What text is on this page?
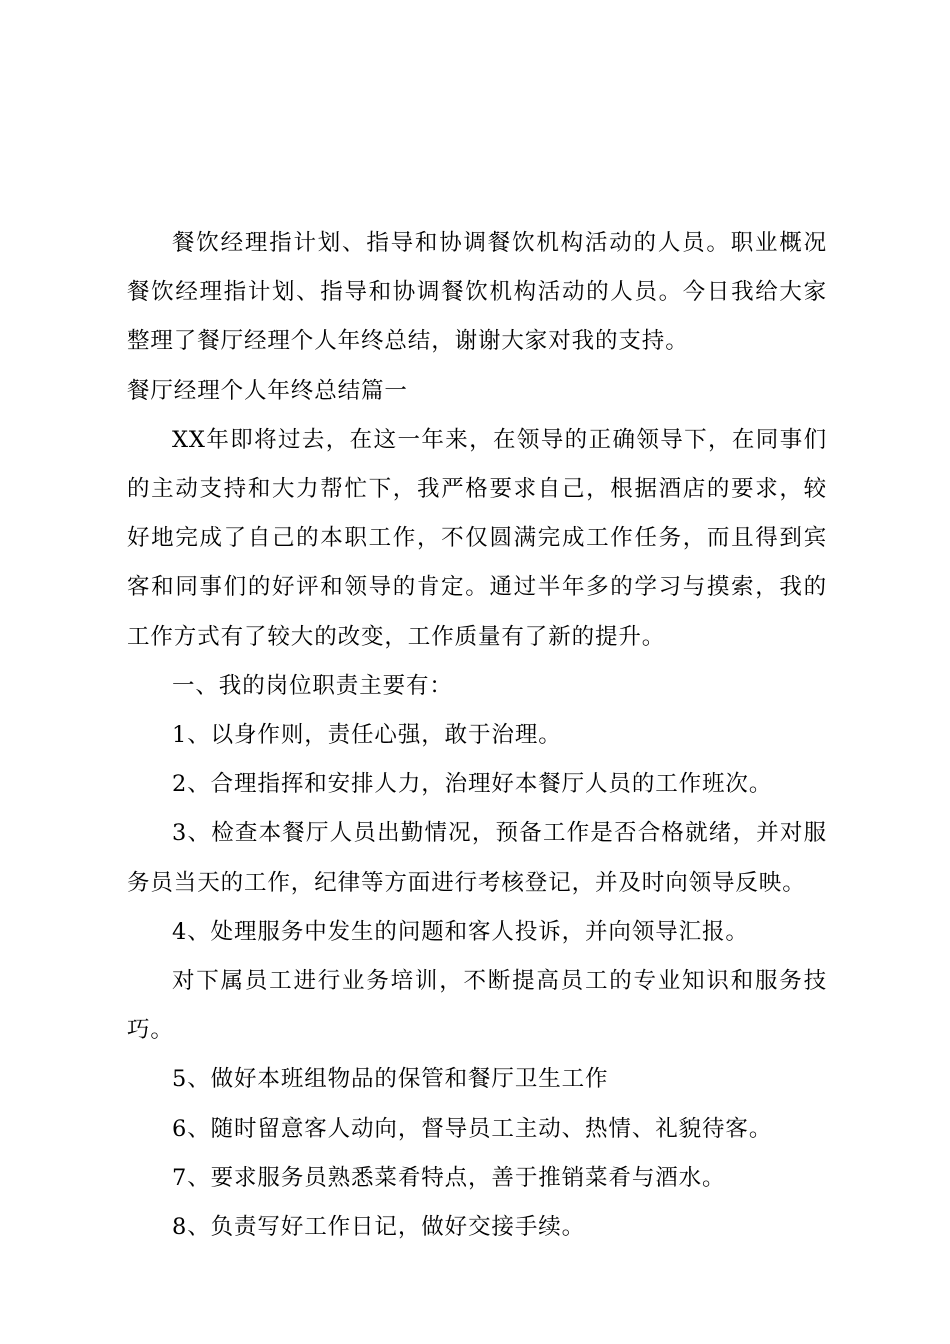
餐饮经理指计划、指导和协调餐饮机构活动的人员。职业概况餐饮经理指计划、指导和协调餐饮机构活动的人员。今日我给大家整理了餐厅经理个人年终总结，谢谢大家对我的支持。

餐厅经理个人年终总结篇一

XX年即将过去，在这一年来，在领导的正确领导下，在同事们的主动支持和大力帮忙下，我严格要求自己，根据酒店的要求，较好地完成了自己的本职工作，不仅圆满完成工作任务，而且得到宾客和同事们的好评和领导的肯定。通过半年多的学习与摸索，我的工作方式有了较大的改变，工作质量有了新的提升。

一、我的岗位职责主要有：

1、以身作则，责任心强，敢于治理。

2、合理指挥和安排人力，治理好本餐厅人员的工作班次。

3、检查本餐厅人员出勤情况，预备工作是否合格就绪，并对服务员当天的工作，纪律等方面进行考核登记，并及时向领导反映。

4、处理服务中发生的问题和客人投诉，并向领导汇报。

对下属员工进行业务培训，不断提高员工的专业知识和服务技巧。

5、做好本班组物品的保管和餐厅卫生工作

6、随时留意客人动向，督导员工主动、热情、礼貌待客。

7、要求服务员熟悉菜肴特点，善于推销菜肴与酒水。

8、负责写好工作日记，做好交接手续。
